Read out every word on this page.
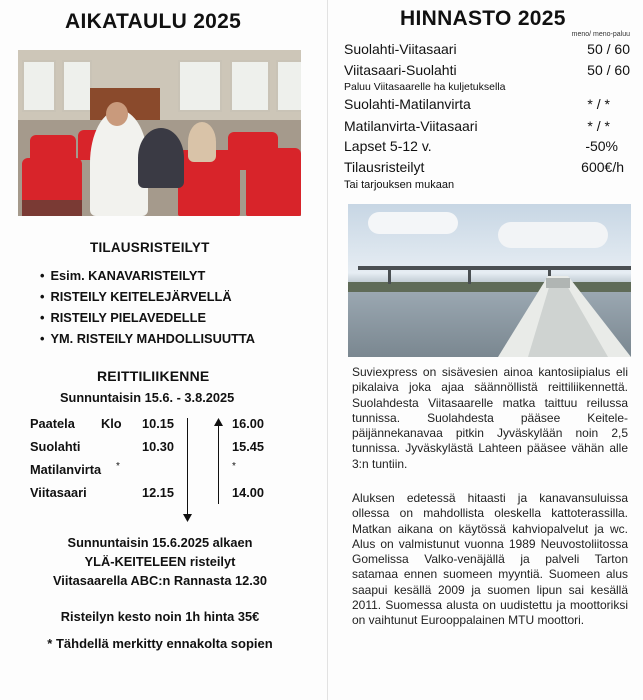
AIKATAULU 2025
TILAUSRISTEILYT
• Esim. KANAVARISTEILYT
• RISTEILY KEITELEJÄRVELLÄ
• RISTEILY PIELAVEDELLE
• YM. RISTEILY MAHDOLLISUUTTA
REITTILIIKENNE
Sunnuntaisin 15.6. - 3.8.2025
Paatela Klo 10.15	16.00
Suolahti	10.30	15.45
Matilanvirta *	*
Viitasaari	12.15	14.00
Sunnuntaisin 15.6.2025 alkaen
YLÄ-KEITELEEN risteilyt
Viitasaarella ABC:n Rannasta 12.30
Risteilyn kesto noin 1h hinta 35€
* Tähdellä merkitty ennakolta sopien
HINNASTO 2025
meno/ meno-paluu
Suolahti-Viitasaari	50 / 60
Viitasaari-Suolahti	50 / 60
Paluu Viitasaarelle ha kuljetuksella
Suolahti-Matilanvirta	* / *
Matilanvirta-Viitasaari	* / *
Lapset 5-12 v.	-50%
Tilausristeilyt	600€/h
Tai tarjouksen mukaan
Suviexpress on sisävesien ainoa kantosiipialus eli pikalaiva joka ajaa säännöllistä reittiliikennettä. Suolahdesta Viitasaarelle matka taittuu reilussa tunnissa. Suolahdesta pääsee Keitele-päijännekanavaa pitkin Jyväskylään noin 2,5 tunnissa. Jyväskylästä Lahteen pääsee vähän alle 3:n tuntiin.
Aluksen edetessä hitaasti ja kanavansuluissa ollessa on mahdollista oleskella kattoterassilla. Matkan aikana on käytössä kahviopalvelut ja wc. Alus on valmistunut vuonna 1989 Neuvostoliitossa Gomelissa Valko-venäjällä ja palveli Tarton satamaa ennen suomeen myyntiä. Suomeen alus saapui kesällä 2009 ja suomen lipun sai kesällä 2011. Suomessa alusta on uudistettu ja moottoriksi on vaihtunut Eurooppalainen MTU moottori.
